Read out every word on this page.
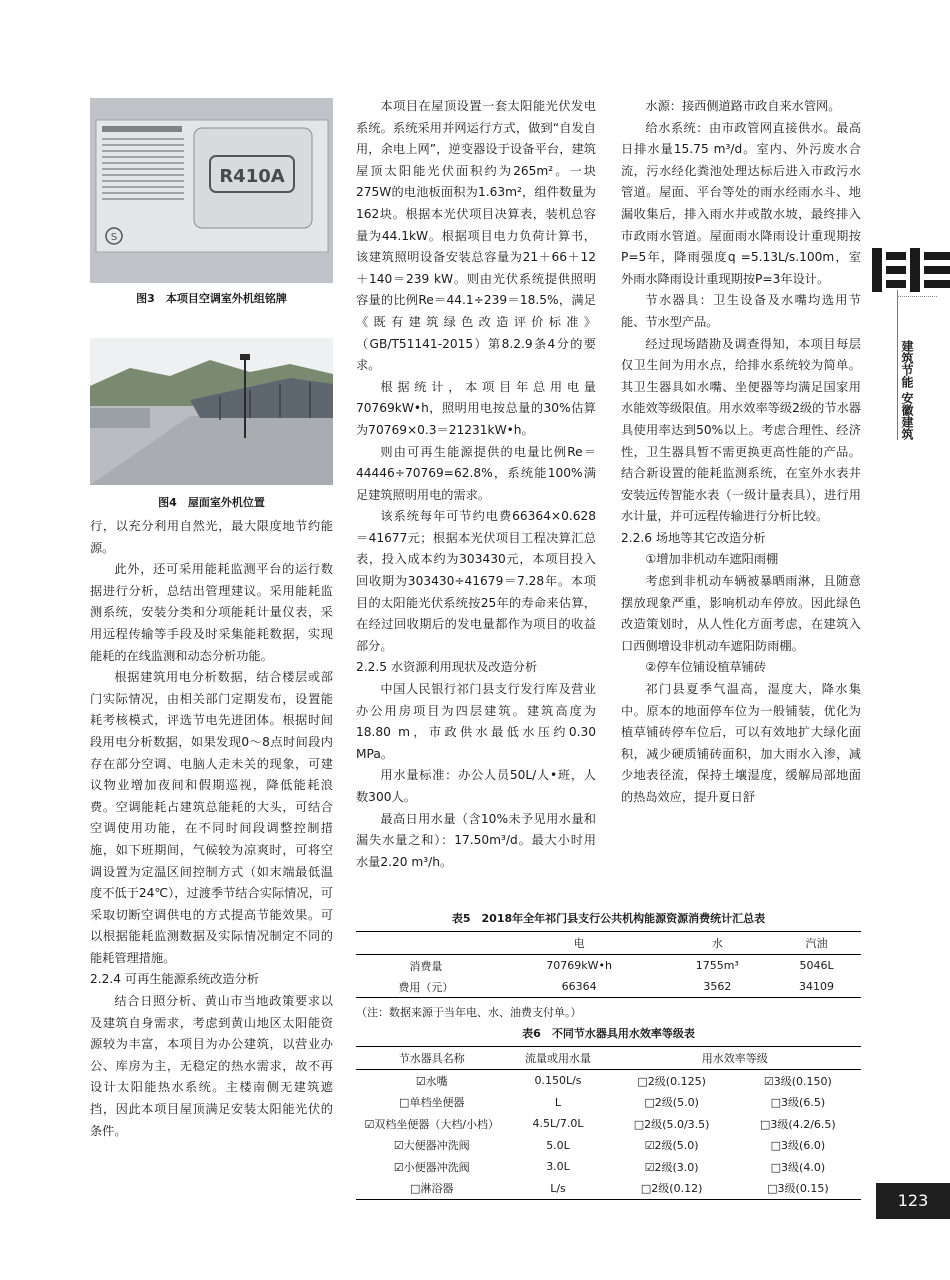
建筑节能 安徽建筑
R410A
S
图3　本项目空调室外机组铭牌
图4　屋面室外机位置

行，以充分利用自然光，最大限度地节约能源。

此外，还可采用能耗监测平台的运行数据进行分析，总结出管理建议。采用能耗监测系统，安装分类和分项能耗计量仪表，采用远程传输等手段及时采集能耗数据，实现能耗的在线监测和动态分析功能。

根据建筑用电分析数据，结合楼层或部门实际情况，由相关部门定期发布，设置能耗考核模式，评选节电先进团体。根据时间段用电分析数据，如果发现0～8点时间段内存在部分空调、电脑人走未关的现象，可建议物业增加夜间和假期巡视，降低能耗浪费。空调能耗占建筑总能耗的大头，可结合空调使用功能，在不同时间段调整控制措施，如下班期间，气候较为凉爽时，可将空调设置为定温区间控制方式（如末端最低温度不低于24℃），过渡季节结合实际情况，可采取切断空调供电的方式提高节能效果。可以根据能耗监测数据及实际情况制定不同的能耗管理措施。

2.2.4 可再生能源系统改造分析

结合日照分析、黄山市当地政策要求以及建筑自身需求，考虑到黄山地区太阳能资源较为丰富，本项目为办公建筑，以营业办公、库房为主，无稳定的热水需求，故不再设计太阳能热水系统。主楼南侧无建筑遮挡，因此本项目屋顶满足安装太阳能光伏的条件。

本项目在屋顶设置一套太阳能光伏发电系统。系统采用并网运行方式，做到“自发自用，余电上网”，逆变器设于设备平台，建筑屋顶太阳能光伏面积约为265m²。一块275W的电池板面积为1.63m²，组件数量为162块。根据本光伏项目决算表，装机总容量为44.1kW。根据项目电力负荷计算书，该建筑照明设备安装总容量为21＋66＋12＋140＝239 kW。则由光伏系统提供照明容量的比例Re＝44.1÷239＝18.5%，满足《既有建筑绿色改造评价标准》（GB/T51141-2015）第8.2.9条4分的要求。

根据统计，本项目年总用电量70769kW•h，照明用电按总量的30%估算为70769×0.3＝21231kW•h。

则由可再生能源提供的电量比例Re＝44446÷70769=62.8%，系统能100%满足建筑照明用电的需求。

该系统每年可节约电费66364×0.628＝41677元；根据本光伏项目工程决算汇总表，投入成本约为303430元，本项目投入回收期为303430÷41679＝7.28年。本项目的太阳能光伏系统按25年的寿命来估算，在经过回收期后的发电量都作为项目的收益部分。

2.2.5 水资源利用现状及改造分析

中国人民银行祁门县支行发行库及营业办公用房项目为四层建筑。建筑高度为18.80 m，市政供水最低水压约0.30 MPa。

用水量标准：办公人员50L/人•班，人数300人。

最高日用水量（含10%未予见用水量和漏失水量之和）：17.50m³/d。最大小时用水量2.20 m³/h。

水源：接西侧道路市政自来水管网。

给水系统：由市政管网直接供水。最高日排水量15.75 m³/d。室内、外污废水合流，污水经化粪池处理达标后进入市政污水管道。屋面、平台等处的雨水经雨水斗、地漏收集后，排入雨水井或散水坡，最终排入市政雨水管道。屋面雨水降雨设计重现期按P=5年，降雨强度q =5.13L/s.100m，室外雨水降雨设计重现期按P=3年设计。

节水器具：卫生设备及水嘴均选用节能、节水型产品。

经过现场踏勘及调查得知，本项目每层仅卫生间为用水点，给排水系统较为简单。其卫生器具如水嘴、坐便器等均满足国家用水能效等级限值。用水效率等级2级的节水器具使用率达到50%以上。考虑合理性、经济性，卫生器具暂不需更换更高性能的产品。结合新设置的能耗监测系统，在室外水表井安装远传智能水表（一级计量表具），进行用水计量，并可远程传输进行分析比较。

2.2.6 场地等其它改造分析

①增加非机动车遮阳雨棚

考虑到非机动车辆被暴晒雨淋，且随意摆放现象严重，影响机动车停放。因此绿色改造策划时，从人性化方面考虑，在建筑入口西侧增设非机动车遮阳防雨棚。

②停车位铺设植草铺砖

祁门县夏季气温高，湿度大，降水集中。原本的地面停车位为一般铺装，优化为植草铺砖停车位后，可以有效地扩大绿化面积，减少硬质铺砖面积，加大雨水入渗，减少地表径流，保持土壤湿度，缓解局部地面的热岛效应，提升夏日舒

表5　2018年全年祁门县支行公共机构能源资源消费统计汇总表
	电	水	汽油
消费量	70769kW•h	1755m³	5046L
费用（元）	66364	3562	34109
（注：数据来源于当年电、水、油费支付单。）
表6　不同节水器具用水效率等级表
节水器具名称	流量或用水量	用水效率等级	
☑水嘴	0.150L/s	□2级(0.125)	☑3级(0.150)
□单档坐便器	L	□2级(5.0)	□3级(6.5)
☑双档坐便器（大档/小档）	4.5L/7.0L	□2级(5.0/3.5)	□3级(4.2/6.5)
☑大便器冲洗阀	5.0L	☑2级(5.0)	□3级(6.0)
☑小便器冲洗阀	3.0L	☑2级(3.0)	□3级(4.0)
□淋浴器	L/s	□2级(0.12)	□3级(0.15)
123
